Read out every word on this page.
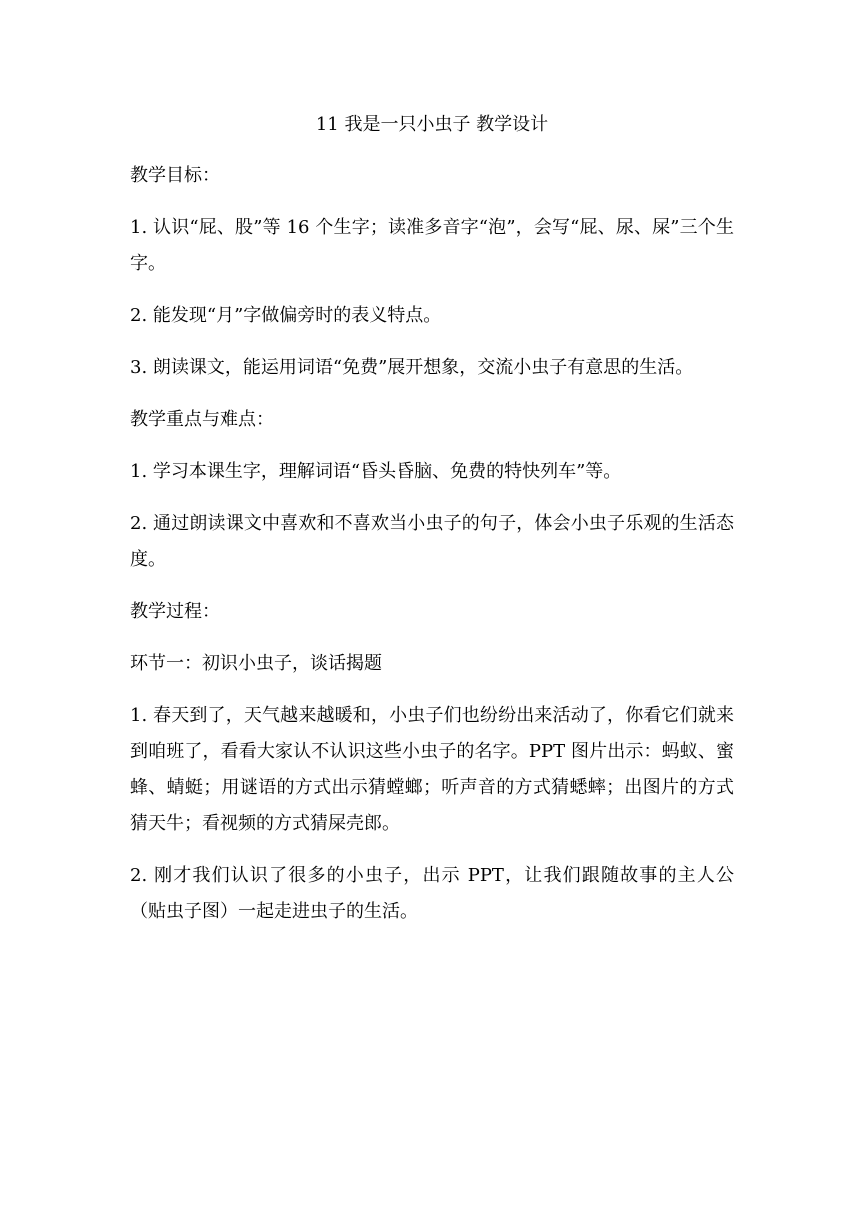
11 我是一只小虫子 教学设计
教学目标：
1. 认识“屁、股”等 16 个生字；读准多音字“泡”，会写“屁、尿、屎”三个生字。
2. 能发现“月”字做偏旁时的表义特点。
3. 朗读课文，能运用词语“免费”展开想象，交流小虫子有意思的生活。
教学重点与难点：
1. 学习本课生字，理解词语“昏头昏脑、免费的特快列车”等。
2. 通过朗读课文中喜欢和不喜欢当小虫子的句子，体会小虫子乐观的生活态度。
教学过程：
环节一：初识小虫子，谈话揭题
1. 春天到了，天气越来越暖和，小虫子们也纷纷出来活动了，你看它们就来到咱班了，看看大家认不认识这些小虫子的名字。PPT 图片出示：蚂蚁、蜜蜂、蜻蜓；用谜语的方式出示猜螳螂；听声音的方式猜蟋蟀；出图片的方式猜天牛；看视频的方式猜屎壳郎。
2. 刚才我们认识了很多的小虫子，出示 PPT，让我们跟随故事的主人公（贴虫子图）一起走进虫子的生活。
